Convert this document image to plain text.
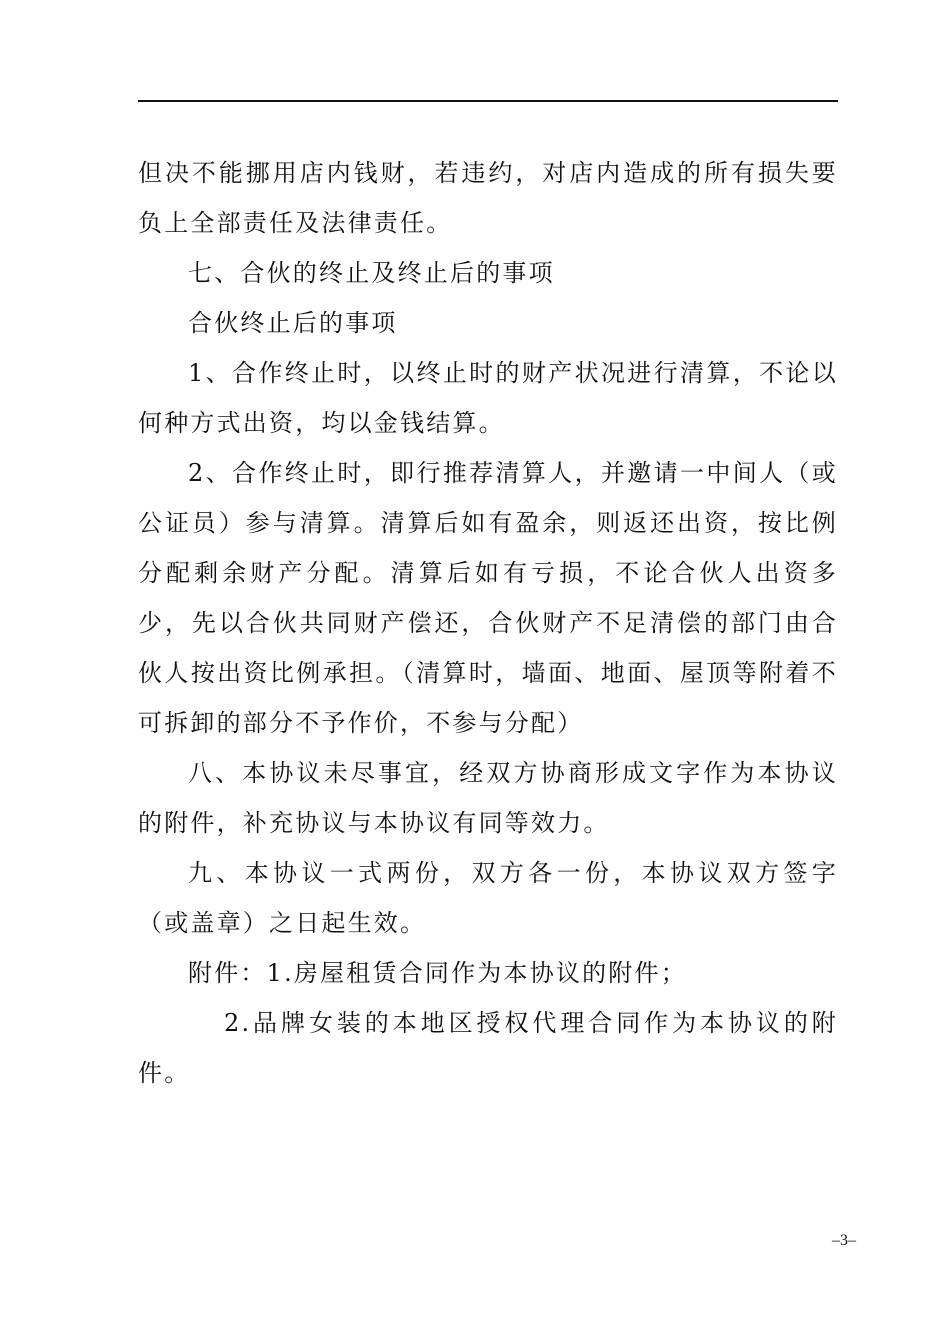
但决不能挪用店内钱财，若违约，对店内造成的所有损失要负上全部责任及法律责任。

七、合伙的终止及终止后的事项

合伙终止后的事项

1、合作终止时，以终止时的财产状况进行清算，不论以何种方式出资，均以金钱结算。

2、合作终止时，即行推荐清算人，并邀请一中间人（或公证员）参与清算。清算后如有盈余，则返还出资，按比例分配剩余财产分配。清算后如有亏损，不论合伙人出资多少，先以合伙共同财产偿还，合伙财产不足清偿的部门由合伙人按出资比例承担。（清算时，墙面、地面、屋顶等附着不可拆卸的部分不予作价，不参与分配）

八、本协议未尽事宜，经双方协商形成文字作为本协议的附件，补充协议与本协议有同等效力。

九、本协议一式两份，双方各一份，本协议双方签字（或盖章）之日起生效。

附件：1.房屋租赁合同作为本协议的附件；

2.品牌女装的本地区授权代理合同作为本协议的附件。

–3–
